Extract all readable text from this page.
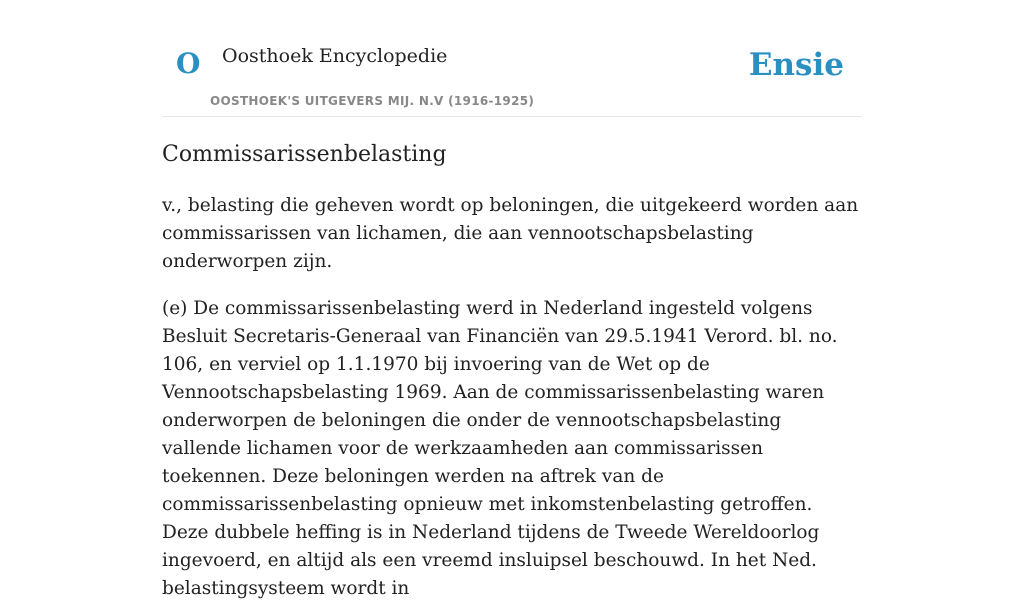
O Oosthoek Encyclopedie
OOSTHOEK'S UITGEVERS MIJ. N.V (1916-1925)
Ensie
Commissarissenbelasting

v., belasting die geheven wordt op beloningen, die uitgekeerd worden aan commissarissen van lichamen, die aan vennootschapsbelasting onderworpen zijn.

(e) De commissarissenbelasting werd in Nederland ingesteld volgens Besluit Secretaris-Generaal van Financiën van 29.5.1941 Verord. bl. no. 106, en verviel op 1.1.1970 bij invoering van de Wet op de Vennootschapsbelasting 1969. Aan de commissarissenbelasting waren onderworpen de beloningen die onder de vennootschapsbelasting vallende lichamen voor de werkzaamheden aan commissarissen toekennen. Deze beloningen werden na aftrek van de commissarissenbelasting opnieuw met inkomstenbelasting getroffen. Deze dubbele heffing is in Nederland tijdens de Tweede Wereldoorlog ingevoerd, en altijd als een vreemd insluipsel beschouwd. In het Ned. belastingsysteem wordt in
